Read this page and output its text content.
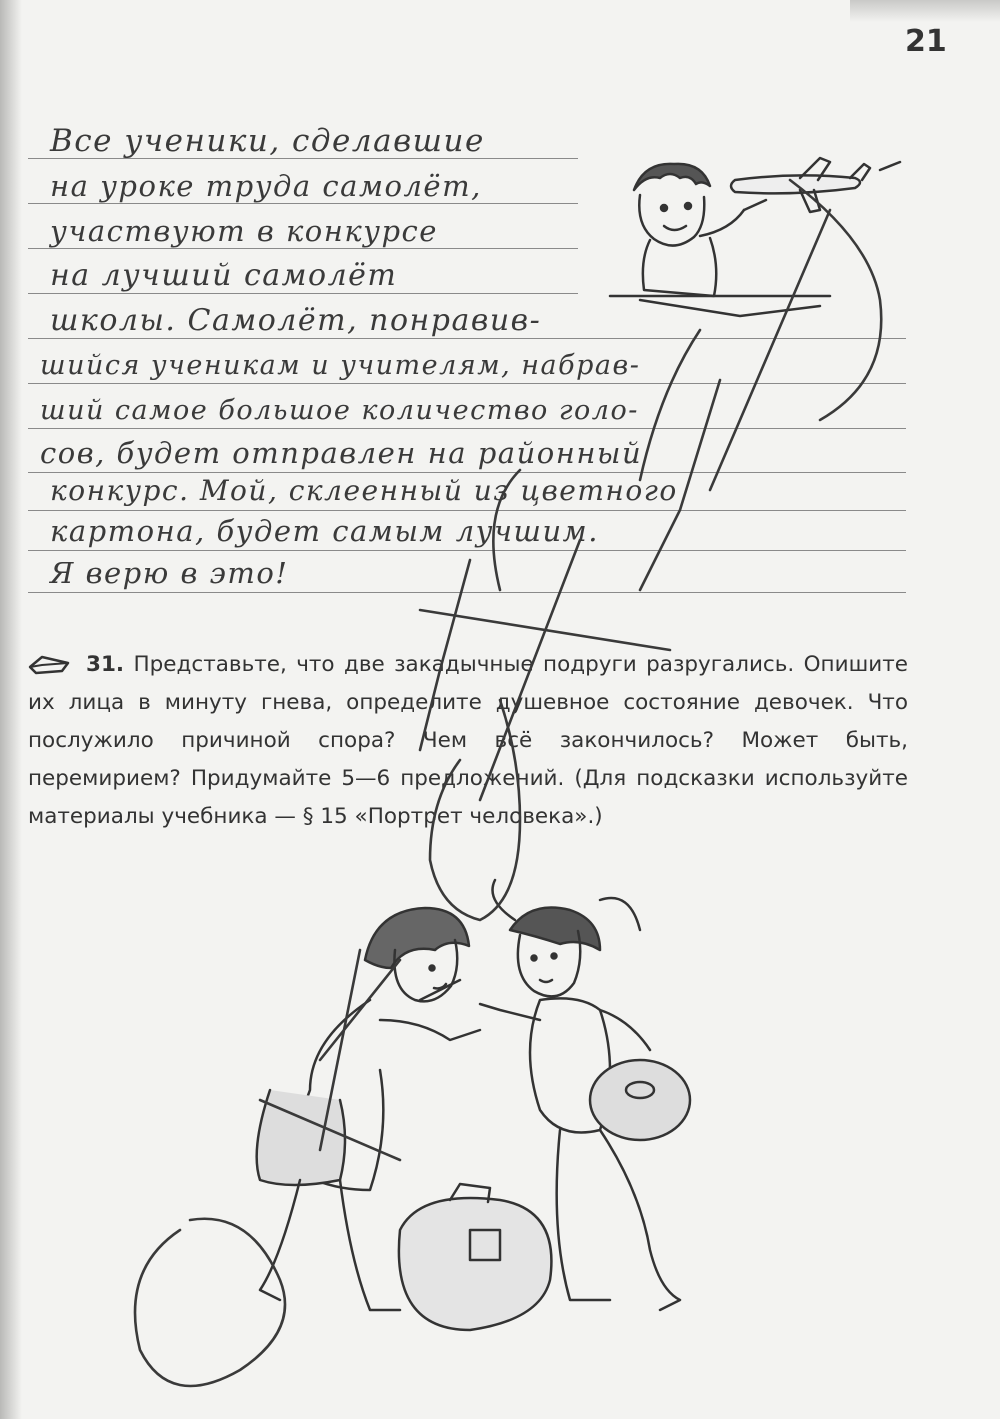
21
Все ученики, сделавшие
на уроке труда самолёт,
участвуют в конкурсе
на лучший самолёт
школы. Самолёт, понравив-
шийся ученикам и учителям, набрав-
ший самое большое количество голо-
сов, будет отправлен на районный
конкурс. Мой, склеенный из цветного
картона, будет самым лучшим.
Я верю в это!
31. Представьте, что две закадычные подруги разругались. Опишите их лица в минуту гнева, определите душевное состояние девочек. Что послужило причиной спора? Чем всё закончилось? Может быть, перемирием? Придумайте 5—6 предложений. (Для подсказки используйте материалы учебника — § 15 «Портрет человека».)
